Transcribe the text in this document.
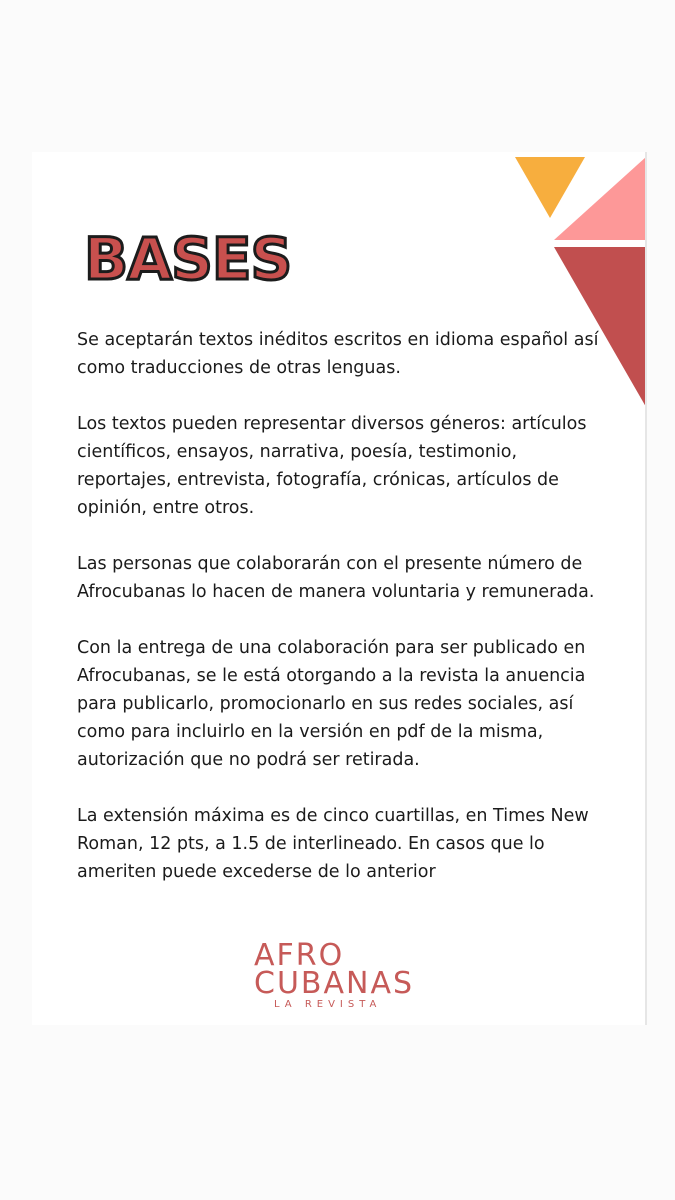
BASES

Se aceptarán textos inéditos escritos en idioma español así como traducciones de otras lenguas.

Los textos pueden representar diversos géneros: artículos científicos, ensayos, narrativa, poesía, testimonio, reportajes, entrevista, fotografía, crónicas, artículos de opinión, entre otros.

Las personas que colaborarán con el presente número de Afrocubanas lo hacen de manera voluntaria y remunerada.

Con la entrega de una colaboración para ser publicado en Afrocubanas, se le está otorgando a la revista la anuencia para publicarlo, promocionarlo en sus redes sociales, así como para incluirlo en la versión en pdf de la misma, autorización que no podrá ser retirada.

La extensión máxima es de cinco cuartillas, en Times New Roman, 12 pts, a 1.5 de interlineado. En casos que lo ameriten puede excederse de lo anterior

AFRO
CUBANAS
LA REVISTA
